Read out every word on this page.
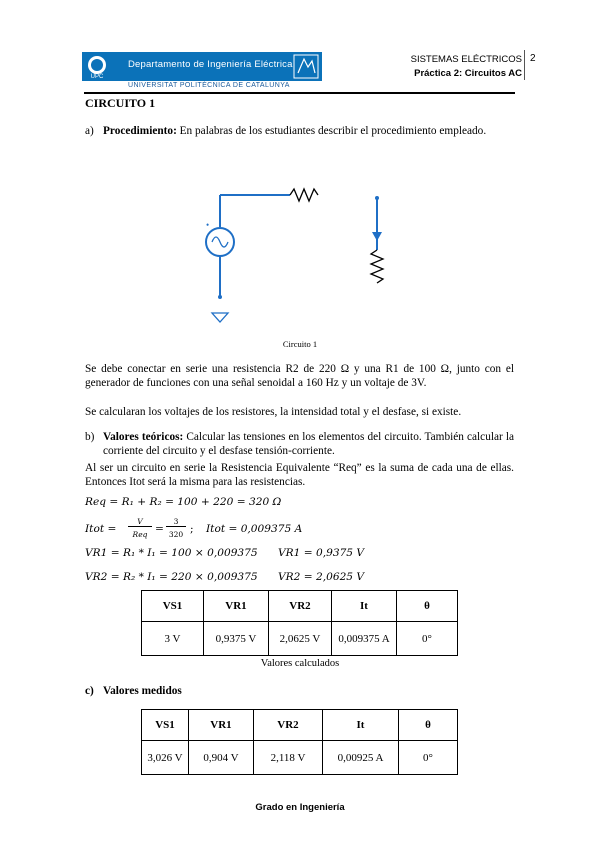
UPC
Departamento de Ingeniería Eléctrica
UNIVERSITAT POLITÈCNICA DE CATALUNYA
SISTEMAS ELÉCTRICOS
Práctica 2: Circuitos AC
2
CIRCUITO 1
a) Procedimiento: En palabras de los estudiantes describir el procedimiento empleado.
•
Circuito 1
Se debe conectar en serie una resistencia R2 de 220 Ω y una R1 de 100 Ω, junto con el generador de funciones con una señal senoidal a 160 Hz y un voltaje de 3V.
Se calcularan los voltajes de los resistores, la intensidad total y el desfase, si existe.
b) Valores teóricos: Calcular las tensiones en los elementos del circuito. También calcular la corriente del circuito y el desfase tensión-corriente.
Al ser un circuito en serie la Resistencia Equivalente “Req” es la suma de cada una de ellas. Entonces Itot será la misma para las resistencias.
Req = R₁ + R₂ = 100 + 220 = 320 Ω
Itot =
V
Req =
3
320 ; Itot = 0,009375 A
VR1 = R₁ * I₁ = 100 × 0,009375 VR1 = 0,9375 V
VR2 = R₂ * I₁ = 220 × 0,009375 VR2 = 2,0625 V
VS1	VR1	VR2	It	θ
3 V	0,9375 V	2,0625 V	0,009375 A	0°
Valores calculados
c) Valores medidos
VS1	VR1	VR2	It	θ
3,026 V	0,904 V	2,118 V	0,00925 A	0°
Grado en Ingeniería
